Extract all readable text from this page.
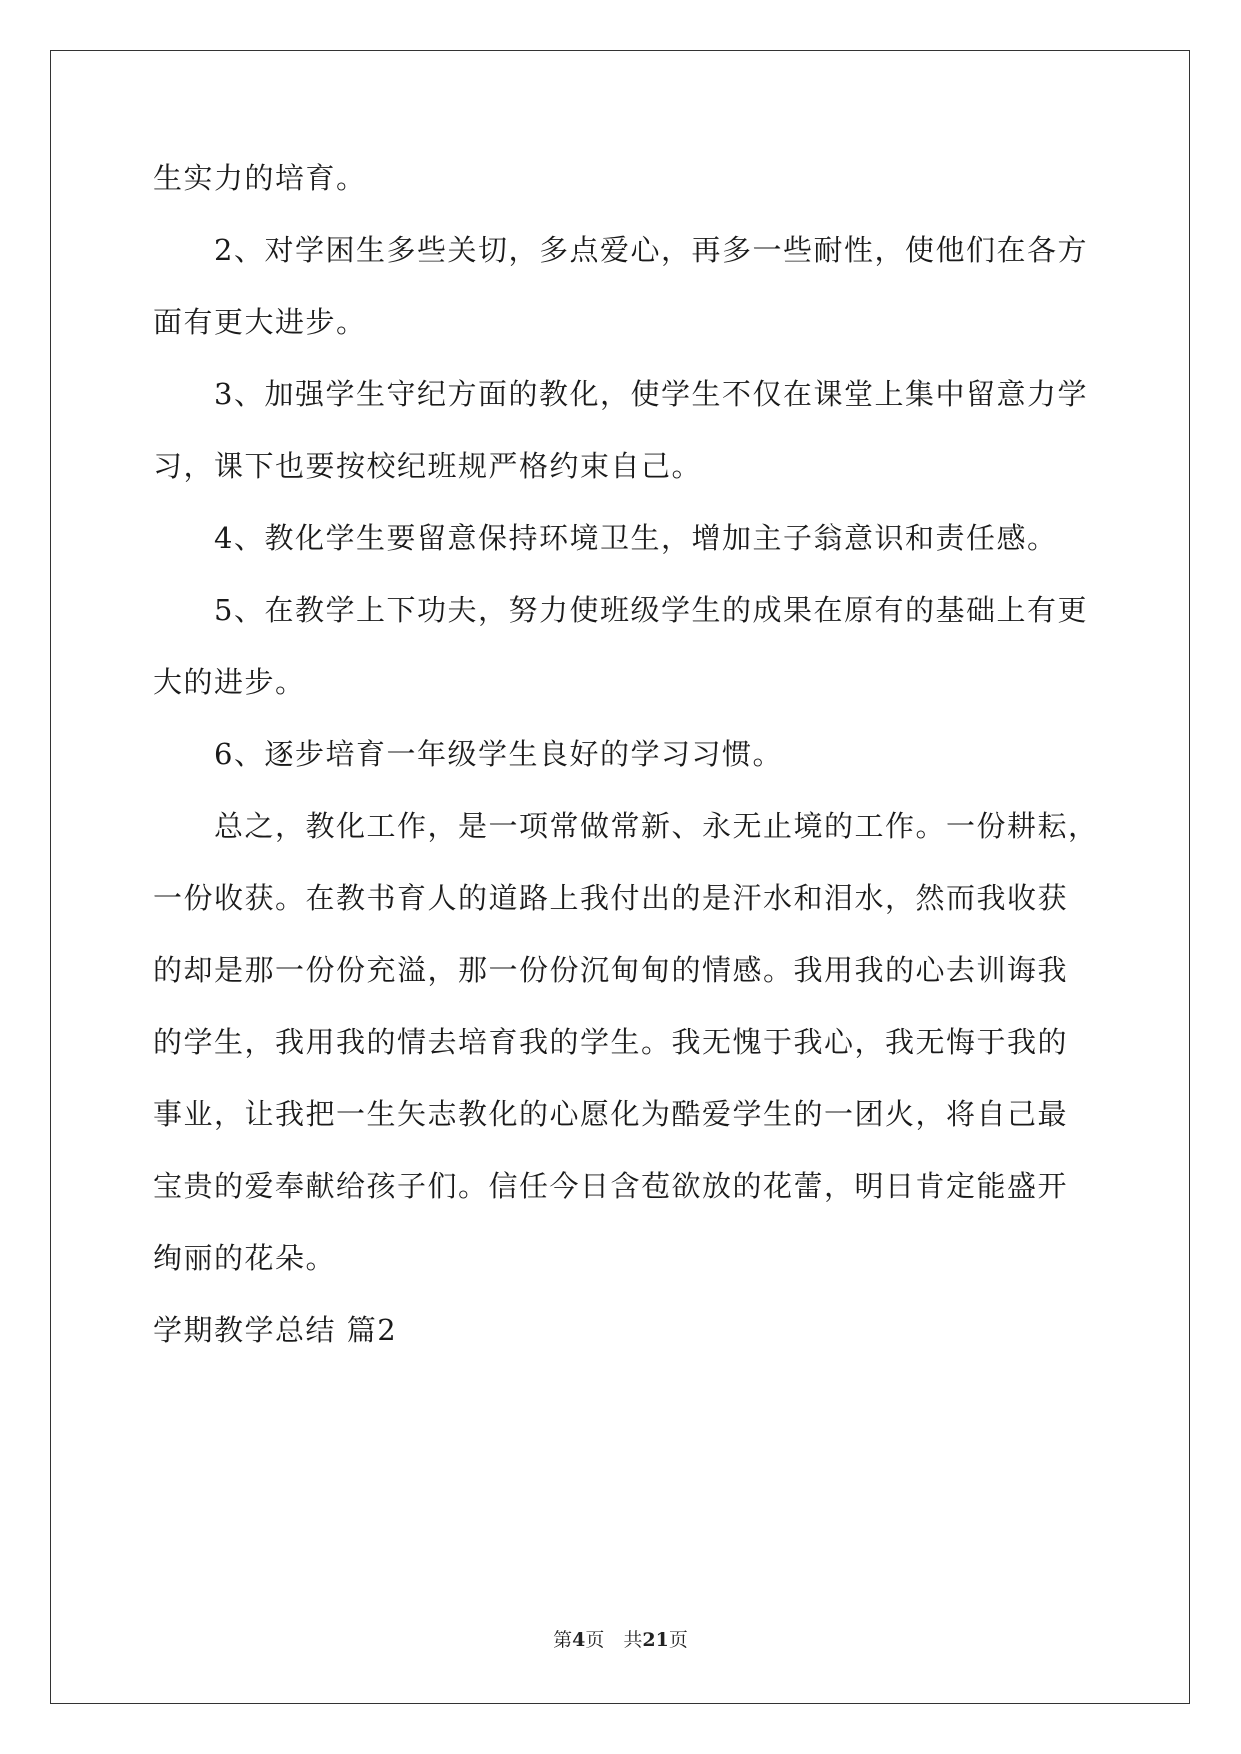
生实力的培育。
　　2、对学困生多些关切，多点爱心，再多一些耐性，使他们在各方
面有更大进步。
　　3、加强学生守纪方面的教化，使学生不仅在课堂上集中留意力学
习，课下也要按校纪班规严格约束自己。
　　4、教化学生要留意保持环境卫生，增加主子翁意识和责任感。
　　5、在教学上下功夫，努力使班级学生的成果在原有的基础上有更
大的进步。
　　6、逐步培育一年级学生良好的学习习惯。
　　总之，教化工作，是一项常做常新、永无止境的工作。一份耕耘，
一份收获。在教书育人的道路上我付出的是汗水和泪水，然而我收获
的却是那一份份充溢，那一份份沉甸甸的情感。我用我的心去训诲我
的学生，我用我的情去培育我的学生。我无愧于我心，我无悔于我的
事业，让我把一生矢志教化的心愿化为酷爱学生的一团火，将自己最
宝贵的爱奉献给孩子们。信任今日含苞欲放的花蕾，明日肯定能盛开
绚丽的花朵。
学期教学总结 篇2
第4页　共21页
